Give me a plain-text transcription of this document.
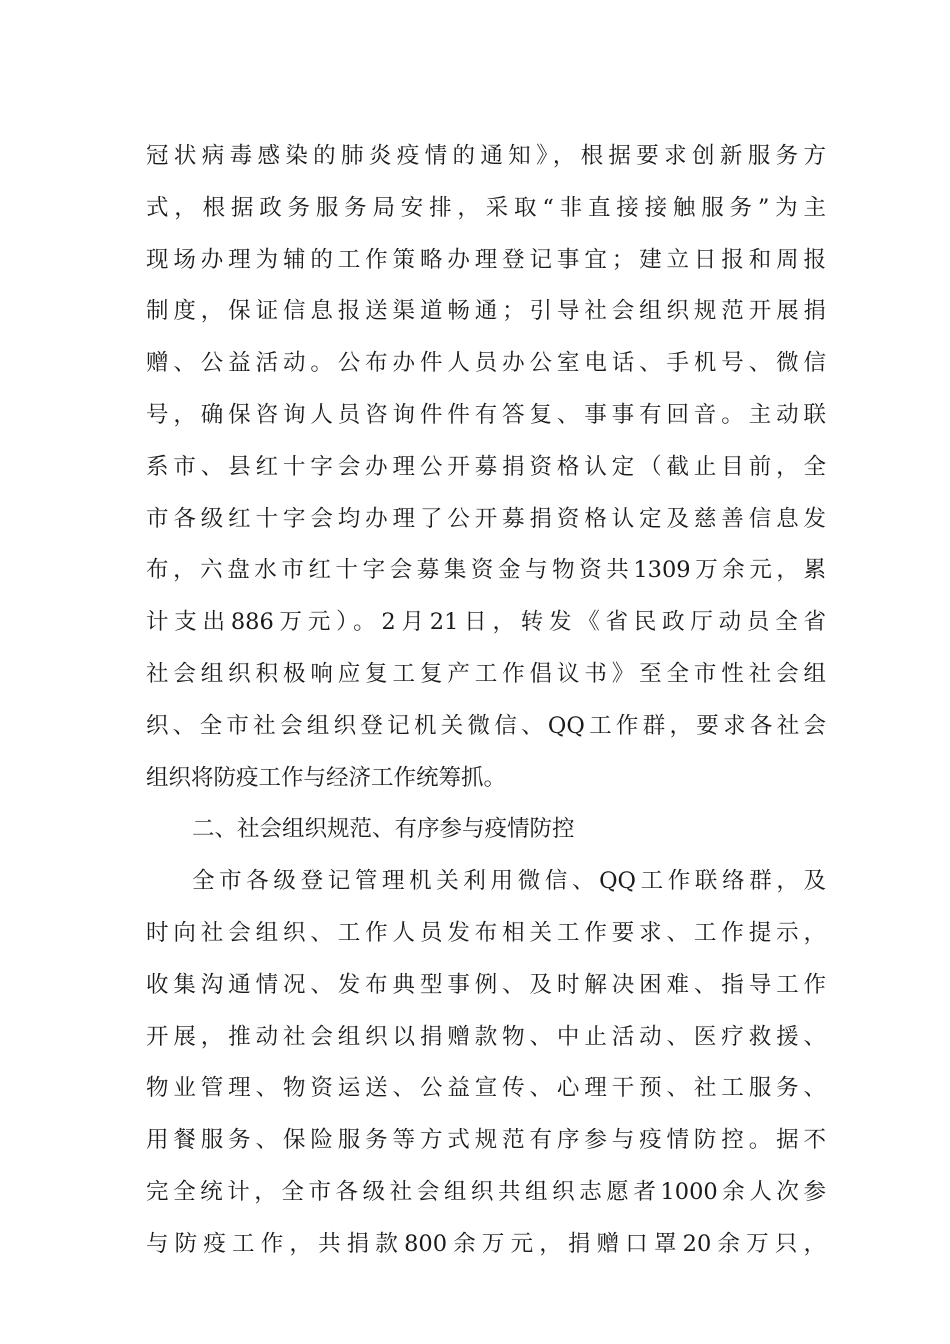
冠状病毒感染的肺炎疫情的通知》，根据要求创新服务方
式，根据政务服务局安排，采取“非直接接触服务”为主
现场办理为辅的工作策略办理登记事宜；建立日报和周报
制度，保证信息报送渠道畅通；引导社会组织规范开展捐
赠、公益活动。公布办件人员办公室电话、手机号、微信
号，确保咨询人员咨询件件有答复、事事有回音。主动联
系市、县红十字会办理公开募捐资格认定（截止目前，全
市各级红十字会均办理了公开募捐资格认定及慈善信息发
布，六盘水市红十字会募集资金与物资共1309万余元，累
计支出886万元）。2月21日，转发《省民政厅动员全省
社会组织积极响应复工复产工作倡议书》至全市性社会组
织、全市社会组织登记机关微信、QQ工作群，要求各社会
组织将防疫工作与经济工作统筹抓。
二、社会组织规范、有序参与疫情防控
全市各级登记管理机关利用微信、QQ工作联络群，及
时向社会组织、工作人员发布相关工作要求、工作提示，
收集沟通情况、发布典型事例、及时解决困难、指导工作
开展，推动社会组织以捐赠款物、中止活动、医疗救援、
物业管理、物资运送、公益宣传、心理干预、社工服务、
用餐服务、保险服务等方式规范有序参与疫情防控。据不
完全统计，全市各级社会组织共组织志愿者1000余人次参
与防疫工作，共捐款800余万元，捐赠口罩20余万只，
